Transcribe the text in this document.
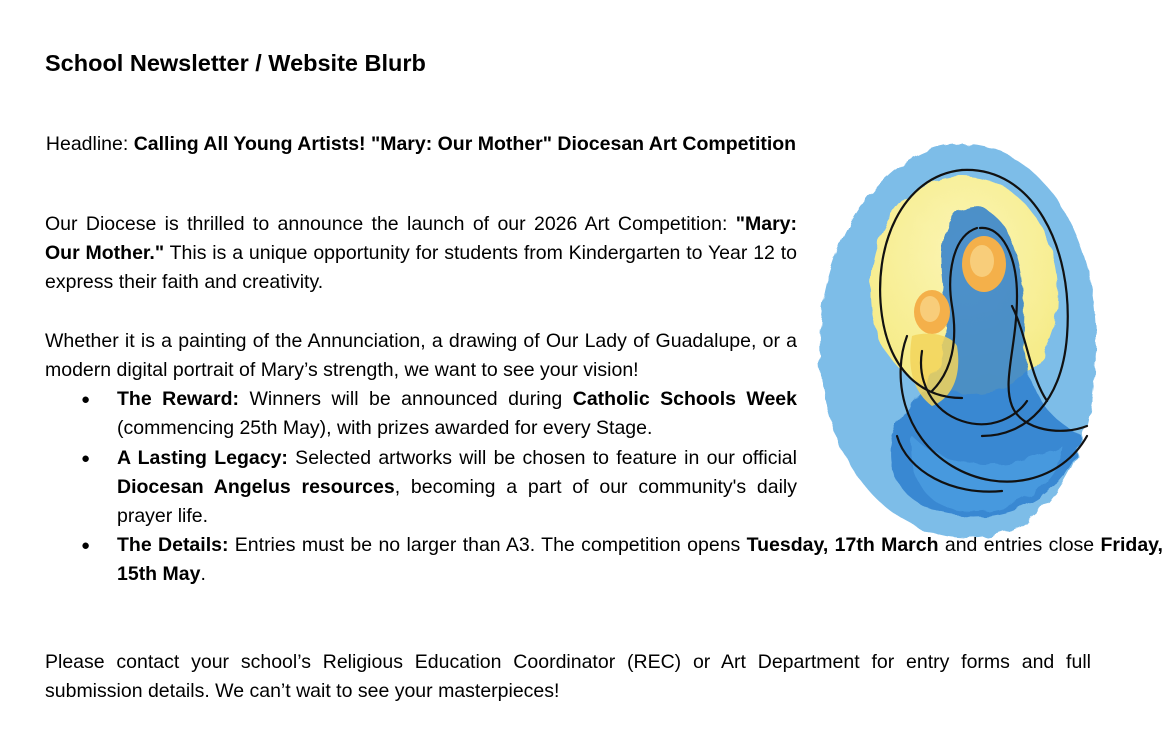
School Newsletter / Website Blurb

Headline: Calling All Young Artists! "Mary: Our Mother" Diocesan Art Competition

Our Diocese is thrilled to announce the launch of our 2026 Art Competition: "Mary: Our Mother." This is a unique opportunity for students from Kindergarten to Year 12 to express their faith and creativity.

Whether it is a painting of the Annunciation, a drawing of Our Lady of Guadalupe, or a modern digital portrait of Mary’s strength, we want to see your vision!

● The Reward: Winners will be announced during Catholic Schools Week (commencing 25th May), with prizes awarded for every Stage.
● A Lasting Legacy: Selected artworks will be chosen to feature in our official Diocesan Angelus resources, becoming a part of our community's daily prayer life.
● The Details: Entries must be no larger than A3. The competition opens Tuesday, 17th March and entries close Friday, 15th May.

Please contact your school’s Religious Education Coordinator (REC) or Art Department for entry forms and full submission details. We can’t wait to see your masterpieces!
